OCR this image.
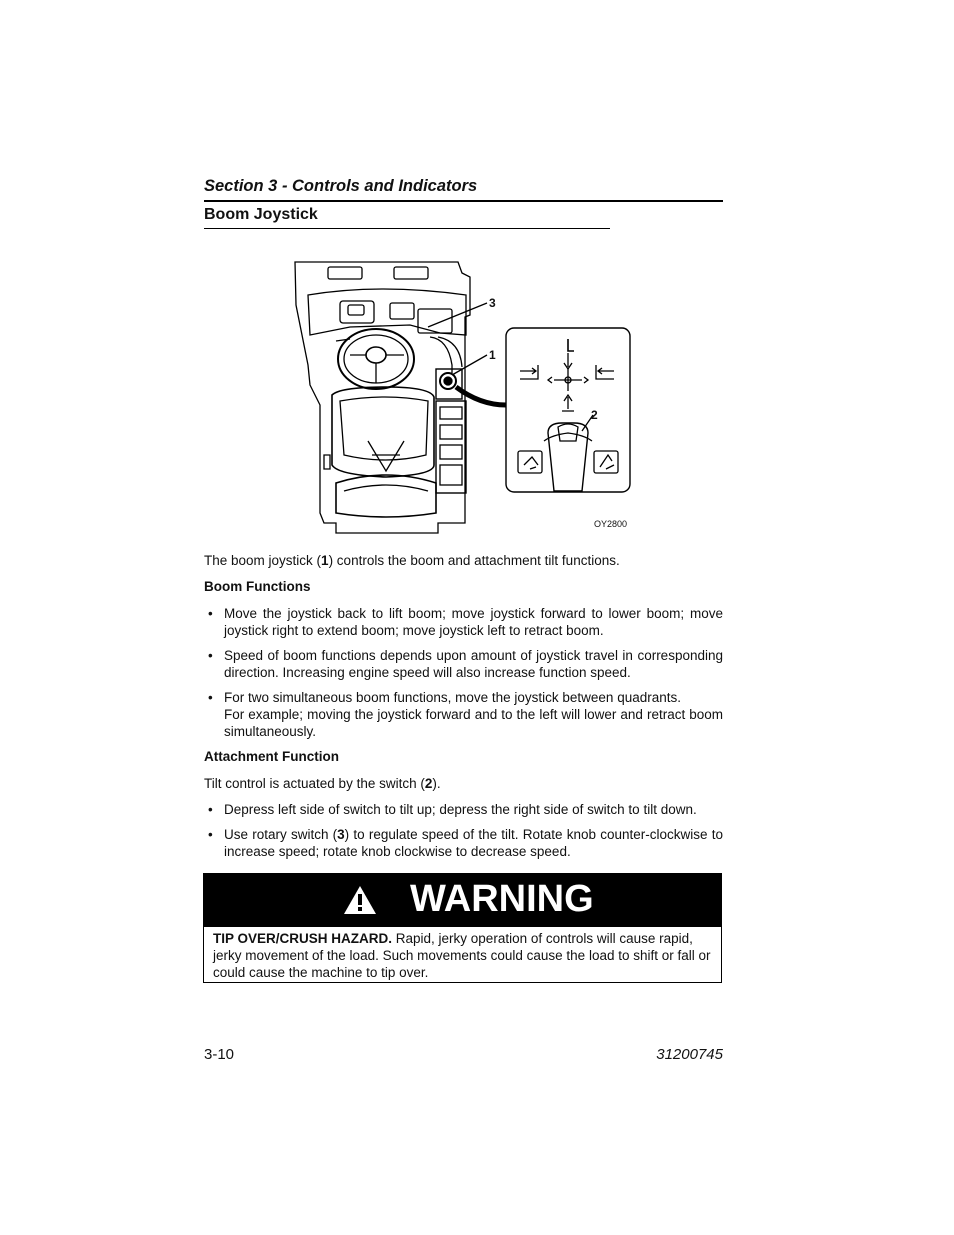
Section 3 - Controls and Indicators
Boom Joystick
3
1
2
OY2800
The boom joystick (1) controls the boom and attachment tilt functions.
Boom Functions
• Move the joystick back to lift boom; move joystick forward to lower boom; move joystick right to extend boom; move joystick left to retract boom.
• Speed of boom functions depends upon amount of joystick travel in corresponding direction. Increasing engine speed will also increase function speed.
• For two simultaneous boom functions, move the joystick between quadrants.
For example; moving the joystick forward and to the left will lower and retract boom simultaneously.
Attachment Function
Tilt control is actuated by the switch (2).
• Depress left side of switch to tilt up; depress the right side of switch to tilt down.
• Use rotary switch (3) to regulate speed of the tilt. Rotate knob counter-clockwise to increase speed; rotate knob clockwise to decrease speed.
WARNING
TIP OVER/CRUSH HAZARD. Rapid, jerky operation of controls will cause rapid, jerky movement of the load. Such movements could cause the load to shift or fall or could cause the machine to tip over.
3-10	31200745
